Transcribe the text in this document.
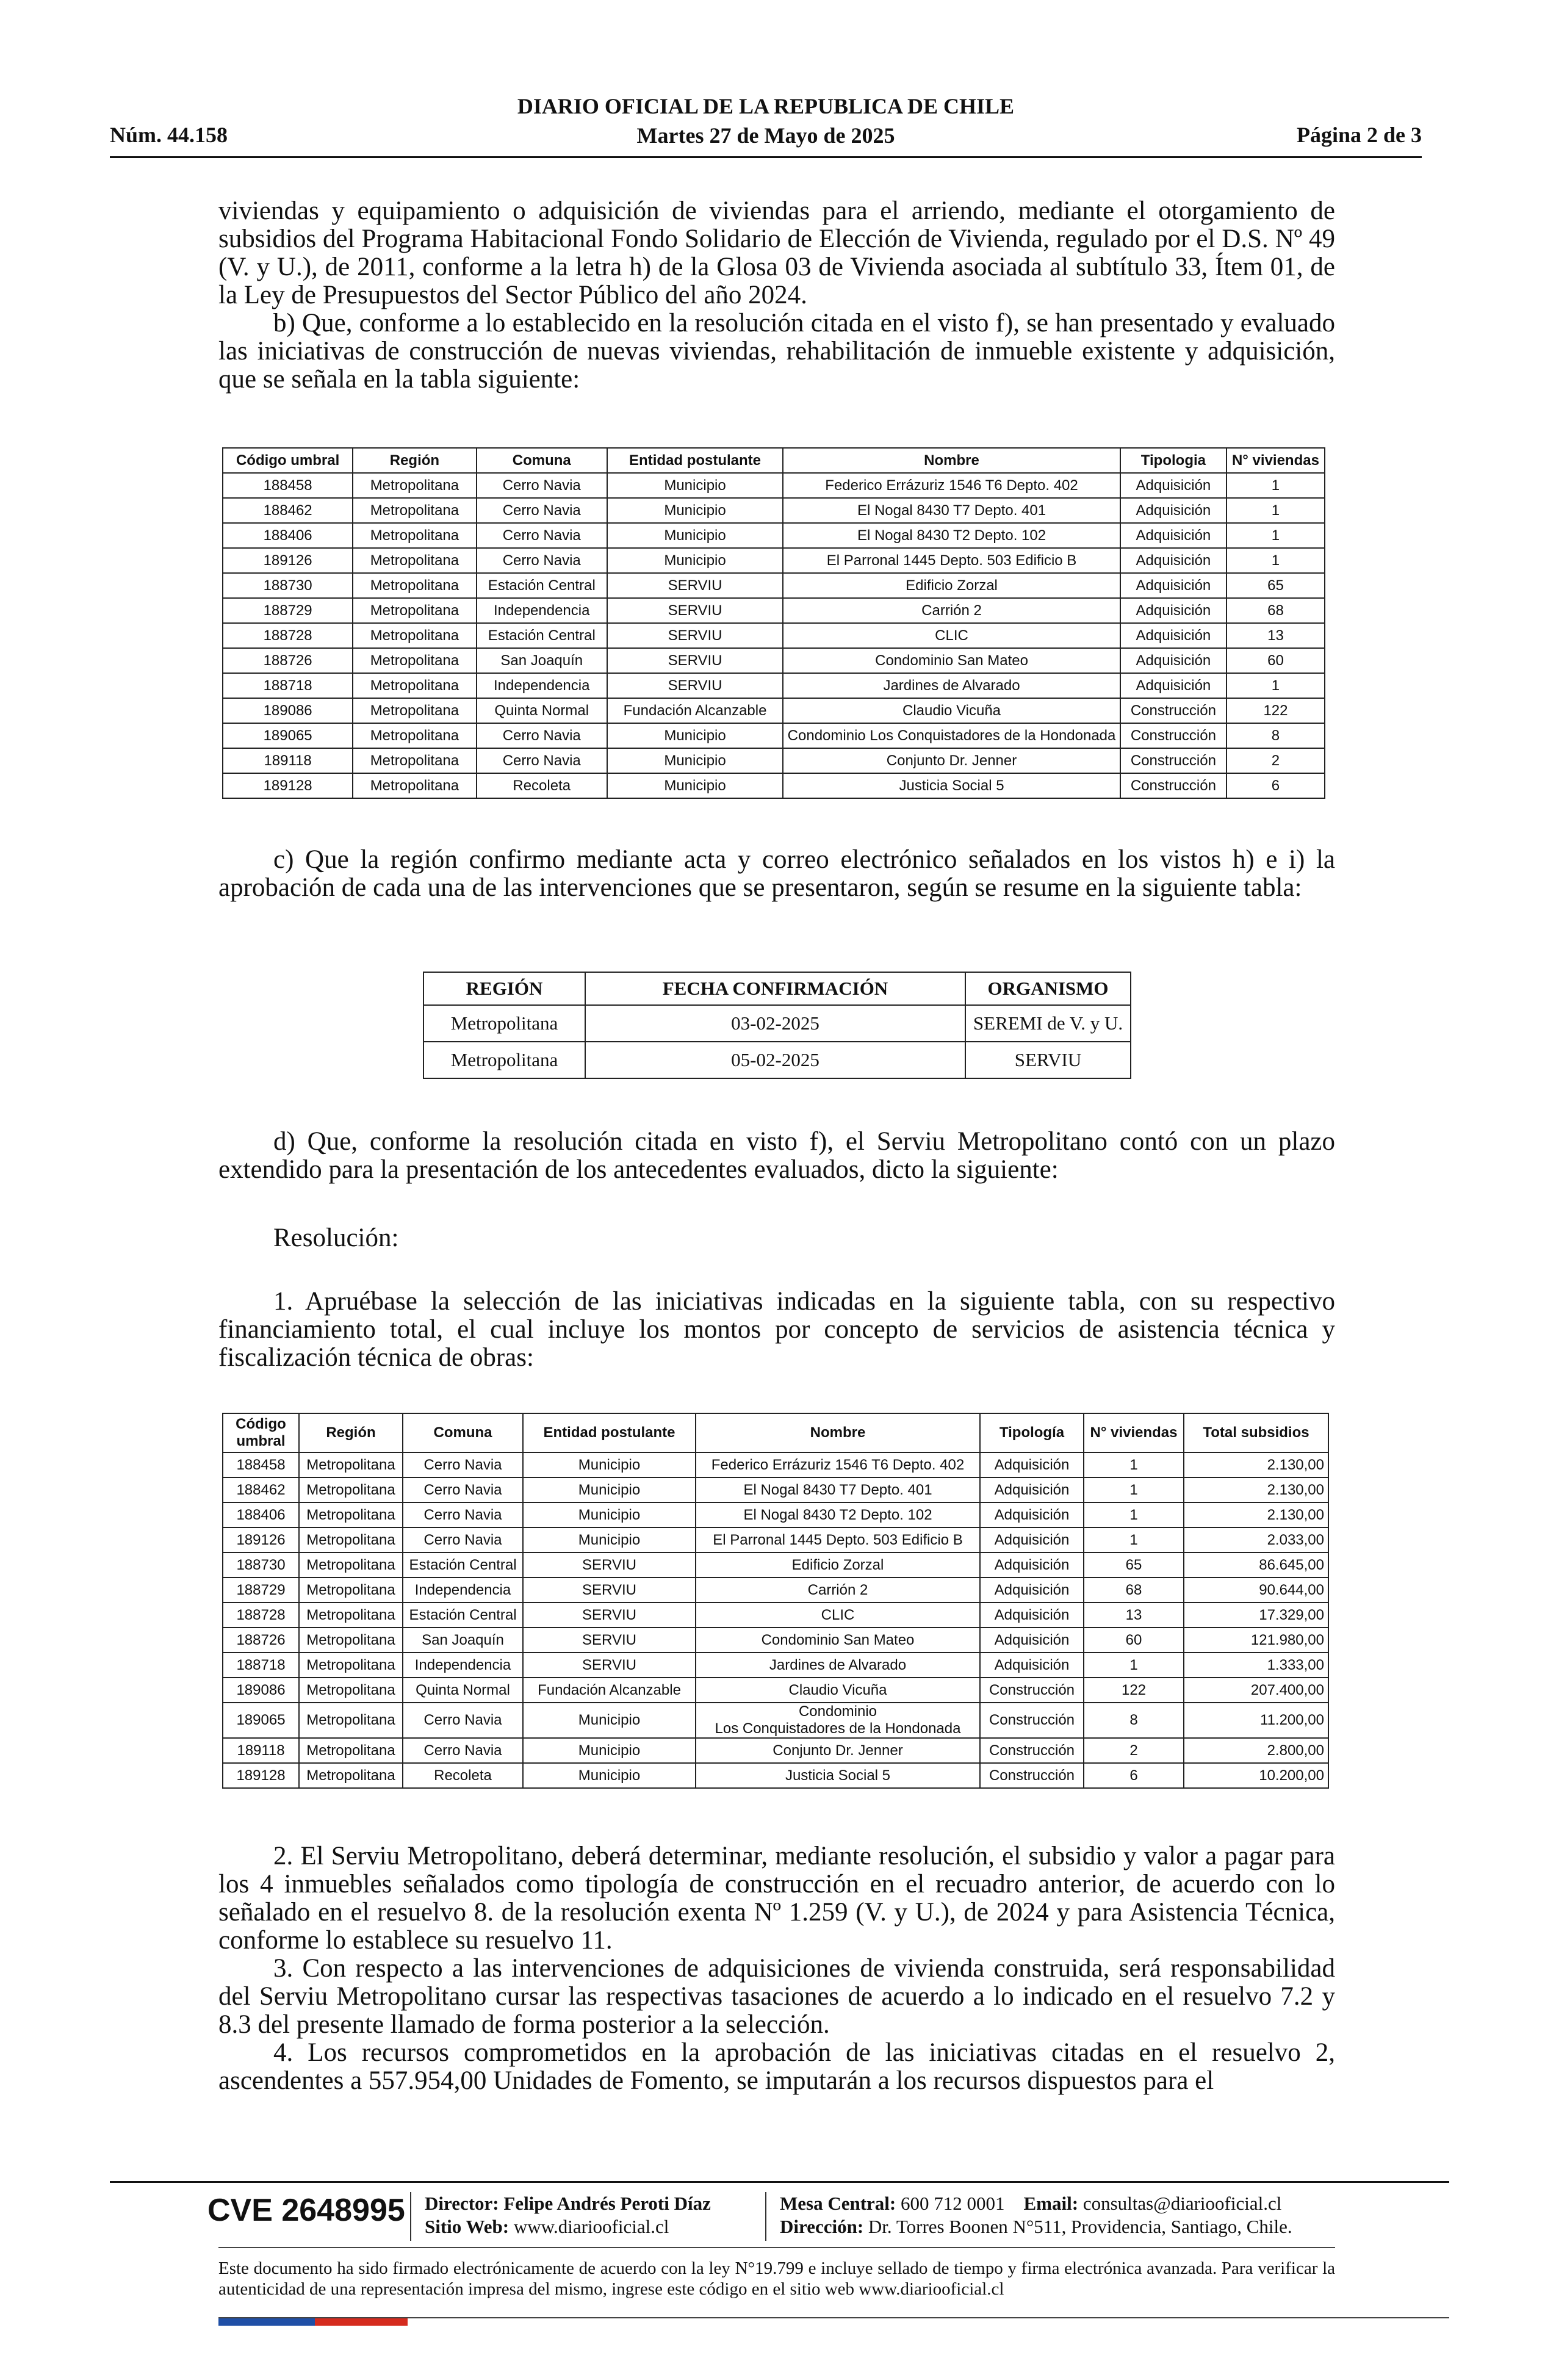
Núm. 44.158
DIARIO OFICIAL DE LA REPUBLICA DE CHILE
Martes 27 de Mayo de 2025	Página 2 de 3

viviendas y equipamiento o adquisición de viviendas para el arriendo, mediante el otorgamiento de subsidios del Programa Habitacional Fondo Solidario de Elección de Vivienda, regulado por el D.S. Nº 49 (V. y U.), de 2011, conforme a la letra h) de la Glosa 03 de Vivienda asociada al subtítulo 33, Ítem 01, de la Ley de Presupuestos del Sector Público del año 2024.

b) Que, conforme a lo establecido en la resolución citada en el visto f), se han presentado y evaluado las iniciativas de construcción de nuevas viviendas, rehabilitación de inmueble existente y adquisición, que se señala en la tabla siguiente:

Código umbral	Región	Comuna	Entidad postulante	Nombre	Tipologia	N° viviendas
188458	Metropolitana	Cerro Navia	Municipio	Federico Errázuriz 1546 T6 Depto. 402	Adquisición	1
188462	Metropolitana	Cerro Navia	Municipio	El Nogal 8430 T7 Depto. 401	Adquisición	1
188406	Metropolitana	Cerro Navia	Municipio	El Nogal 8430 T2 Depto. 102	Adquisición	1
189126	Metropolitana	Cerro Navia	Municipio	El Parronal 1445 Depto. 503 Edificio B	Adquisición	1
188730	Metropolitana	Estación Central	SERVIU	Edificio Zorzal	Adquisición	65
188729	Metropolitana	Independencia	SERVIU	Carrión 2	Adquisición	68
188728	Metropolitana	Estación Central	SERVIU	CLIC	Adquisición	13
188726	Metropolitana	San Joaquín	SERVIU	Condominio San Mateo	Adquisición	60
188718	Metropolitana	Independencia	SERVIU	Jardines de Alvarado	Adquisición	1
189086	Metropolitana	Quinta Normal	Fundación Alcanzable	Claudio Vicuña	Construcción	122
189065	Metropolitana	Cerro Navia	Municipio	Condominio Los Conquistadores de la Hondonada	Construcción	8
189118	Metropolitana	Cerro Navia	Municipio	Conjunto Dr. Jenner	Construcción	2
189128	Metropolitana	Recoleta	Municipio	Justicia Social 5	Construcción	6

c) Que la región confirmo mediante acta y correo electrónico señalados en los vistos h) e i) la aprobación de cada una de las intervenciones que se presentaron, según se resume en la siguiente tabla:

REGIÓN	FECHA CONFIRMACIÓN	ORGANISMO
Metropolitana	03-02-2025	SEREMI de V. y U.
Metropolitana	05-02-2025	SERVIU

d) Que, conforme la resolución citada en visto f), el Serviu Metropolitano contó con un plazo extendido para la presentación de los antecedentes evaluados, dicto la siguiente:

Resolución:

1. Apruébase la selección de las iniciativas indicadas en la siguiente tabla, con su respectivo financiamiento total, el cual incluye los montos por concepto de servicios de asistencia técnica y fiscalización técnica de obras:

Código umbral	Región	Comuna	Entidad postulante	Nombre	Tipología	N° viviendas	Total subsidios
188458	Metropolitana	Cerro Navia	Municipio	Federico Errázuriz 1546 T6 Depto. 402	Adquisición	1	2.130,00
188462	Metropolitana	Cerro Navia	Municipio	El Nogal 8430 T7 Depto. 401	Adquisición	1	2.130,00
188406	Metropolitana	Cerro Navia	Municipio	El Nogal 8430 T2 Depto. 102	Adquisición	1	2.130,00
189126	Metropolitana	Cerro Navia	Municipio	El Parronal 1445 Depto. 503 Edificio B	Adquisición	1	2.033,00
188730	Metropolitana	Estación Central	SERVIU	Edificio Zorzal	Adquisición	65	86.645,00
188729	Metropolitana	Independencia	SERVIU	Carrión 2	Adquisición	68	90.644,00
188728	Metropolitana	Estación Central	SERVIU	CLIC	Adquisición	13	17.329,00
188726	Metropolitana	San Joaquín	SERVIU	Condominio San Mateo	Adquisición	60	121.980,00
188718	Metropolitana	Independencia	SERVIU	Jardines de Alvarado	Adquisición	1	1.333,00
189086	Metropolitana	Quinta Normal	Fundación Alcanzable	Claudio Vicuña	Construcción	122	207.400,00
189065	Metropolitana	Cerro Navia	Municipio	Condominio
Los Conquistadores de la Hondonada	Construcción	8	11.200,00
189118	Metropolitana	Cerro Navia	Municipio	Conjunto Dr. Jenner	Construcción	2	2.800,00
189128	Metropolitana	Recoleta	Municipio	Justicia Social 5	Construcción	6	10.200,00

2. El Serviu Metropolitano, deberá determinar, mediante resolución, el subsidio y valor a pagar para los 4 inmuebles señalados como tipología de construcción en el recuadro anterior, de acuerdo con lo señalado en el resuelvo 8. de la resolución exenta Nº 1.259 (V. y U.), de 2024 y para Asistencia Técnica, conforme lo establece su resuelvo 11.

3. Con respecto a las intervenciones de adquisiciones de vivienda construida, será responsabilidad del Serviu Metropolitano cursar las respectivas tasaciones de acuerdo a lo indicado en el resuelvo 7.2 y 8.3 del presente llamado de forma posterior a la selección.

4. Los recursos comprometidos en la aprobación de las iniciativas citadas en el resuelvo 2, ascendentes a 557.954,00 Unidades de Fomento, se imputarán a los recursos dispuestos para el

CVE 2648995 Director: Felipe Andrés Peroti Díaz
Sitio Web: www.diariooficial.cl
Mesa Central: 600 712 0001 Email: consultas@diariooficial.cl
Dirección: Dr. Torres Boonen N°511, Providencia, Santiago, Chile.
Este documento ha sido firmado electrónicamente de acuerdo con la ley N°19.799 e incluye sellado de tiempo y firma electrónica avanzada. Para verificar la autenticidad de una representación impresa del mismo, ingrese este código en el sitio web www.diariooficial.cl
